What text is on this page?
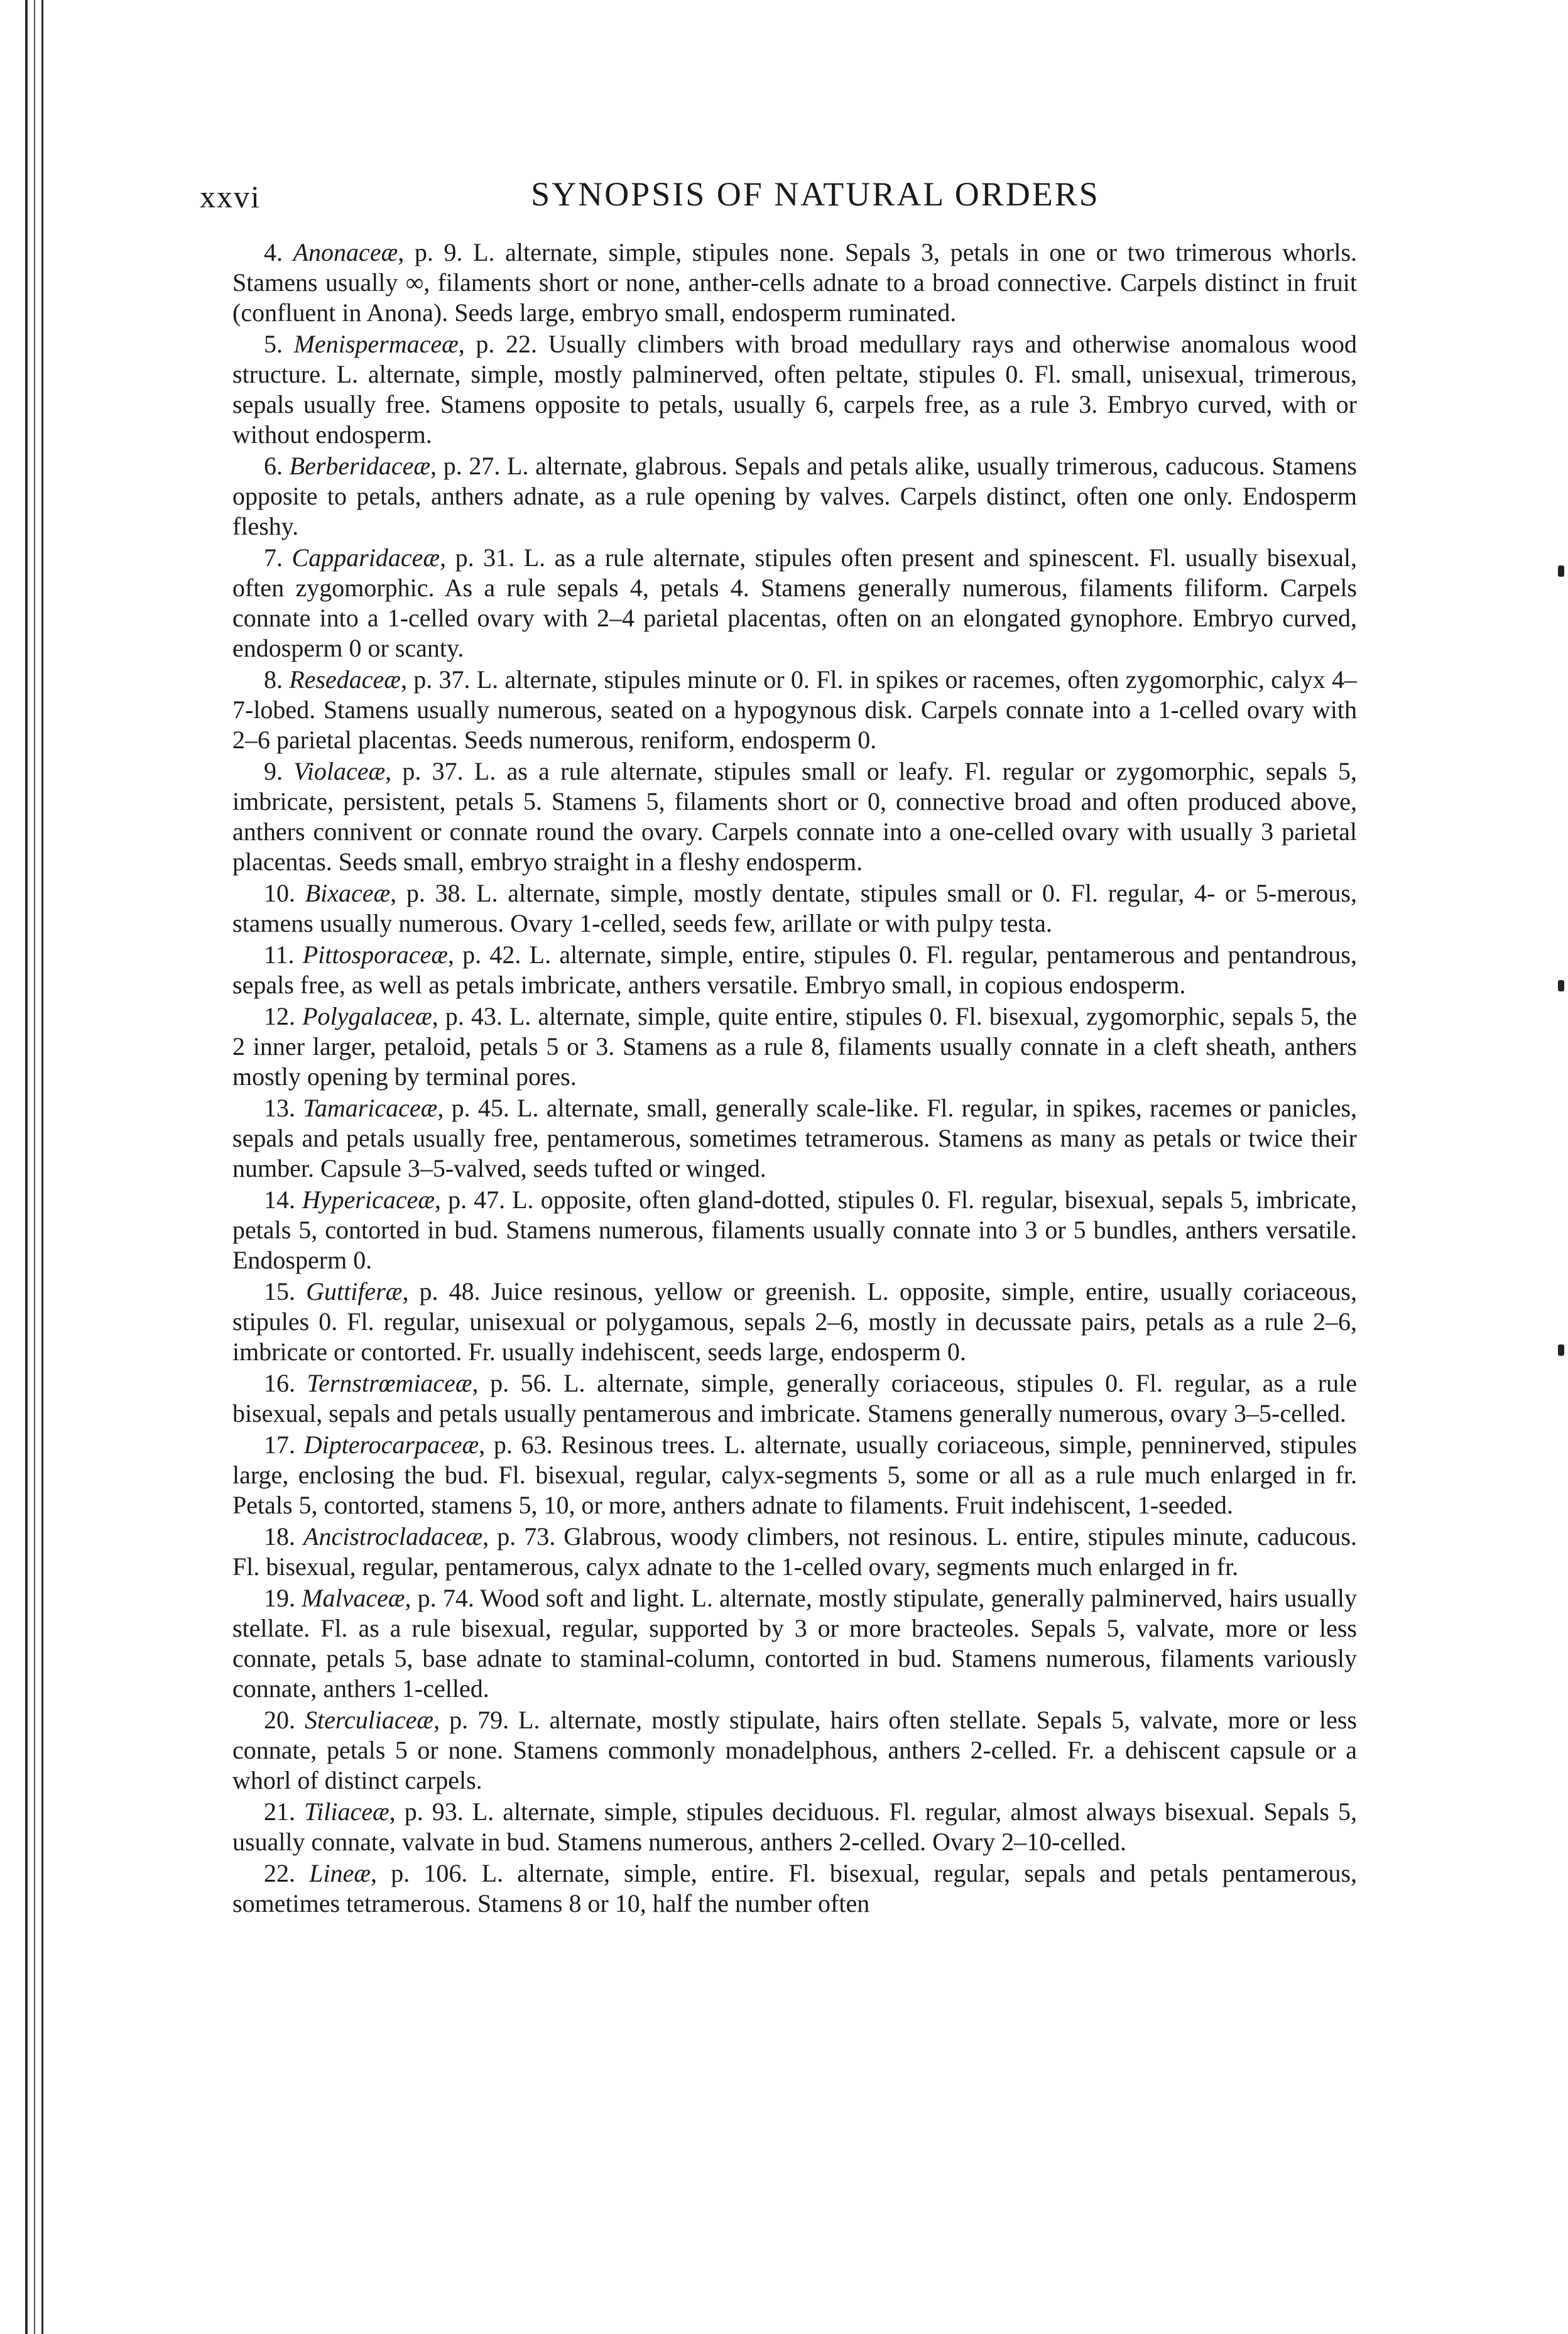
xxvi	SYNOPSIS OF NATURAL ORDERS

4. Anonaceæ, p. 9. L. alternate, simple, stipules none. Sepals 3, petals in one or two trimerous whorls. Stamens usually ∞, filaments short or none, anther-cells adnate to a broad connective. Carpels distinct in fruit (confluent in Anona). Seeds large, embryo small, endosperm ruminated.

5. Menispermaceæ, p. 22. Usually climbers with broad medullary rays and otherwise anomalous wood structure. L. alternate, simple, mostly palminerved, often peltate, stipules 0. Fl. small, unisexual, trimerous, sepals usually free. Stamens opposite to petals, usually 6, carpels free, as a rule 3. Embryo curved, with or without endosperm.

6. Berberidaceæ, p. 27. L. alternate, glabrous. Sepals and petals alike, usually trimerous, caducous. Stamens opposite to petals, anthers adnate, as a rule opening by valves. Carpels distinct, often one only. Endosperm fleshy.

7. Capparidaceæ, p. 31. L. as a rule alternate, stipules often present and spinescent. Fl. usually bisexual, often zygomorphic. As a rule sepals 4, petals 4. Stamens generally numerous, filaments filiform. Carpels connate into a 1-celled ovary with 2–4 parietal placentas, often on an elongated gynophore. Embryo curved, endosperm 0 or scanty.

8. Resedaceæ, p. 37. L. alternate, stipules minute or 0. Fl. in spikes or racemes, often zygomorphic, calyx 4–7-lobed. Stamens usually numerous, seated on a hypogynous disk. Carpels connate into a 1-celled ovary with 2–6 parietal placentas. Seeds numerous, reniform, endosperm 0.

9. Violaceæ, p. 37. L. as a rule alternate, stipules small or leafy. Fl. regular or zygomorphic, sepals 5, imbricate, persistent, petals 5. Stamens 5, filaments short or 0, connective broad and often produced above, anthers connivent or connate round the ovary. Carpels connate into a one-celled ovary with usually 3 parietal placentas. Seeds small, embryo straight in a fleshy endosperm.

10. Bixaceæ, p. 38. L. alternate, simple, mostly dentate, stipules small or 0. Fl. regular, 4- or 5-merous, stamens usually numerous. Ovary 1-celled, seeds few, arillate or with pulpy testa.

11. Pittosporaceæ, p. 42. L. alternate, simple, entire, stipules 0. Fl. regular, pentamerous and pentandrous, sepals free, as well as petals imbricate, anthers versatile. Embryo small, in copious endosperm.

12. Polygalaceæ, p. 43. L. alternate, simple, quite entire, stipules 0. Fl. bisexual, zygomorphic, sepals 5, the 2 inner larger, petaloid, petals 5 or 3. Stamens as a rule 8, filaments usually connate in a cleft sheath, anthers mostly opening by terminal pores.

13. Tamaricaceæ, p. 45. L. alternate, small, generally scale-like. Fl. regular, in spikes, racemes or panicles, sepals and petals usually free, pentamerous, sometimes tetramerous. Stamens as many as petals or twice their number. Capsule 3–5-valved, seeds tufted or winged.

14. Hypericaceæ, p. 47. L. opposite, often gland-dotted, stipules 0. Fl. regular, bisexual, sepals 5, imbricate, petals 5, contorted in bud. Stamens numerous, filaments usually connate into 3 or 5 bundles, anthers versatile. Endosperm 0.

15. Guttiferæ, p. 48. Juice resinous, yellow or greenish. L. opposite, simple, entire, usually coriaceous, stipules 0. Fl. regular, unisexual or polygamous, sepals 2–6, mostly in decussate pairs, petals as a rule 2–6, imbricate or contorted. Fr. usually indehiscent, seeds large, endosperm 0.

16. Ternstrœmiaceæ, p. 56. L. alternate, simple, generally coriaceous, stipules 0. Fl. regular, as a rule bisexual, sepals and petals usually pentamerous and imbricate. Stamens generally numerous, ovary 3–5-celled.

17. Dipterocarpaceæ, p. 63. Resinous trees. L. alternate, usually coriaceous, simple, penninerved, stipules large, enclosing the bud. Fl. bisexual, regular, calyx-segments 5, some or all as a rule much enlarged in fr. Petals 5, contorted, stamens 5, 10, or more, anthers adnate to filaments. Fruit indehiscent, 1-seeded.

18. Ancistrocladaceæ, p. 73. Glabrous, woody climbers, not resinous. L. entire, stipules minute, caducous. Fl. bisexual, regular, pentamerous, calyx adnate to the 1-celled ovary, segments much enlarged in fr.

19. Malvaceæ, p. 74. Wood soft and light. L. alternate, mostly stipulate, generally palminerved, hairs usually stellate. Fl. as a rule bisexual, regular, supported by 3 or more bracteoles. Sepals 5, valvate, more or less connate, petals 5, base adnate to staminal-column, contorted in bud. Stamens numerous, filaments variously connate, anthers 1-celled.

20. Sterculiaceæ, p. 79. L. alternate, mostly stipulate, hairs often stellate. Sepals 5, valvate, more or less connate, petals 5 or none. Stamens commonly monadelphous, anthers 2-celled. Fr. a dehiscent capsule or a whorl of distinct carpels.

21. Tiliaceæ, p. 93. L. alternate, simple, stipules deciduous. Fl. regular, almost always bisexual. Sepals 5, usually connate, valvate in bud. Stamens numerous, anthers 2-celled. Ovary 2–10-celled.

22. Lineæ, p. 106. L. alternate, simple, entire. Fl. bisexual, regular, sepals and petals pentamerous, sometimes tetramerous. Stamens 8 or 10, half the number often
